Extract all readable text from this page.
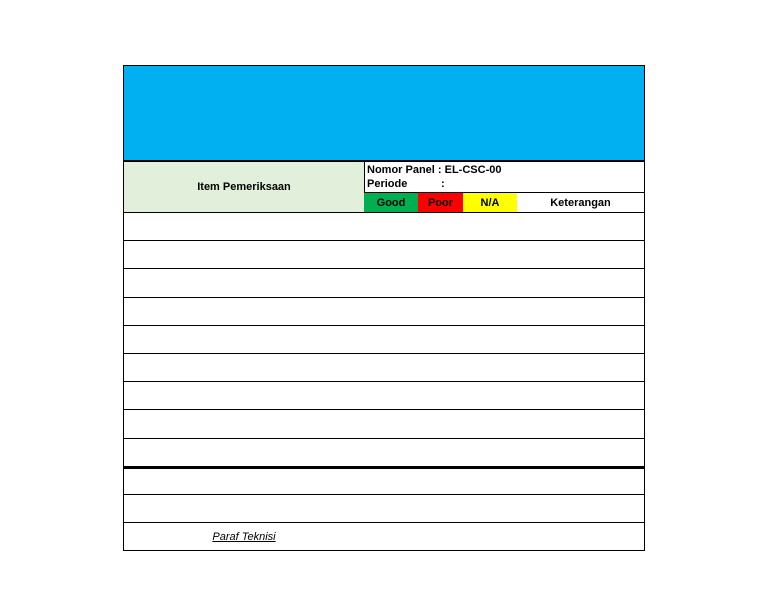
Item Pemeriksaan
Nomor Panel : EL-CSC-00
Periode	:
Good Poor N/A	Keterangan
Paraf Teknisi
